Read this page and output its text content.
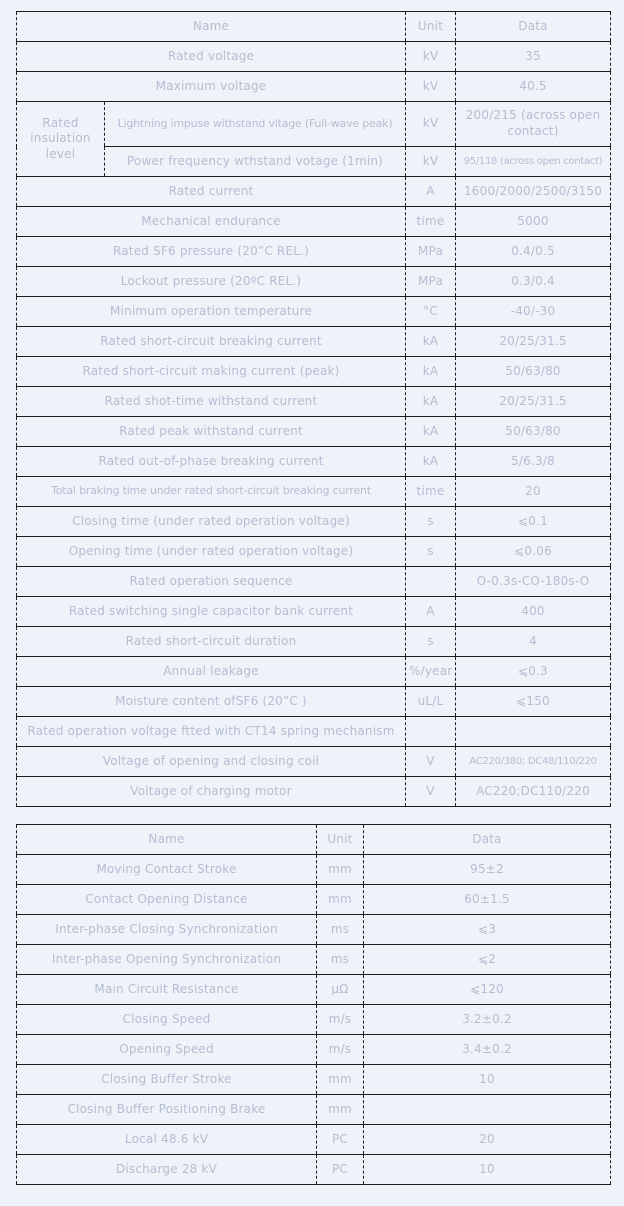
Name		Unit	Data
Rated voltage		kV	35
Maximum voltage		kV	40.5
Rated insulation level	Lightning impuse withstand vltage (Full-wave peak)	kV	200/215 (across open contact)
	Power frequency wthstand votage (1min)	kV	95/118 (across open contact)
Rated current		A	1600/2000/2500/3150
Mechanical endurance		time	5000
Rated SF6 pressure (20”C REL.)		MPa	0.4/0.5
Lockout pressure (20ºC REL.)		MPa	0.3/0.4
Minimum operation temperature		°C	-40/-30
Rated short-circuit breaking current		kA	20/25/31.5
Rated short-circuit making current (peak)		kA	50/63/80
Rated shot-time withstand current		kA	20/25/31.5
Rated peak withstand current		kA	50/63/80
Rated out-of-phase breaking current		kA	5/6.3/8
Total braking time under rated short-circuit breaking current		time	20
Closing time (under rated operation voltage)		s	⩽0.1
Opening time (under rated operation voltage)		s	⩽0.06
Rated operation sequence			O-0.3s-CO-180s-O
Rated switching single capacitor bank current		A	400
Rated short-circuit duration		s	4
Annual leakage		%/year	⩽0.3
Moisture content ofSF6 (20”C )		uL/L	⩽150
Rated operation voltage ftted with CT14 spring mechanism			
Voltage of opening and closing coil		V	AC220/380; DC48/110/220
Voltage of charging motor		V	AC220;DC110/220
Name	Unit	Data
Moving Contact Stroke	mm	95±2
Contact Opening Distance	mm	60±1.5
Inter-phase Closing Synchronization	ms	⩽3
Inter-phase Opening Synchronization	ms	⩽2
Main Circuit Resistance	μΩ	⩽120
Closing Speed	m/s	3.2±0.2
Opening Speed	m/s	3.4±0.2
Closing Buffer Stroke	mm	10
Closing Buffer Positioning Brake	mm	
Local 48.6 kV	PC	20
Discharge 28 kV	PC	10
